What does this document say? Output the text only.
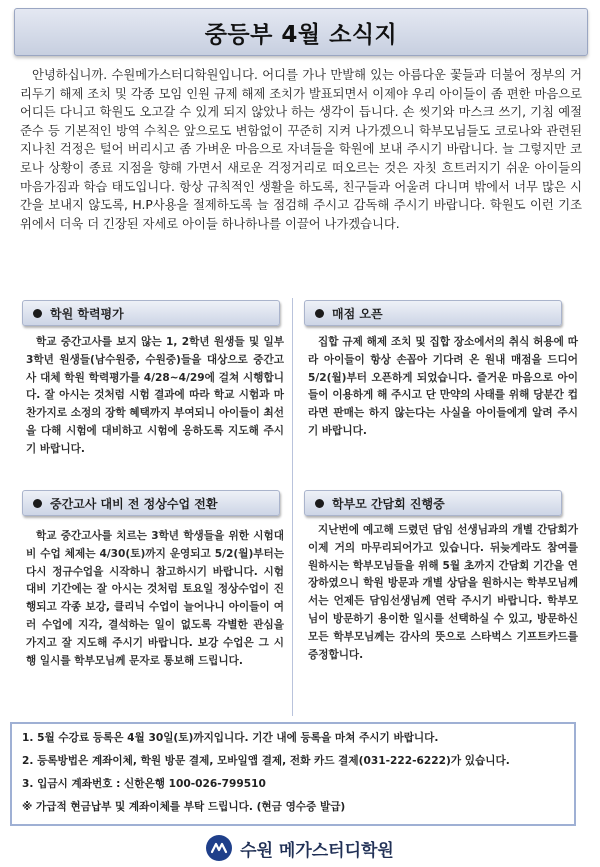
중등부 4월 소식지
안녕하십니까. 수원메가스터디학원입니다. 어디를 가나 만발해 있는 아름다운 꽃들과 더불어 정부의 거리두기 해제 조치 및 각종 모임 인원 규제 해제 조치가 발표되면서 이제야 우리 아이들이 좀 편한 마음으로 어디든 다니고 학원도 오고갈 수 있게 되지 않았나 하는 생각이 듭니다. 손 씻기와 마스크 쓰기, 기침 예절 준수 등 기본적인 방역 수칙은 앞으로도 변함없이 꾸준히 지켜 나가겠으니 학부모님들도 코로나와 관련된 지나친 걱정은 털어 버리시고 좀 가벼운 마음으로 자녀들을 학원에 보내 주시기 바랍니다. 늘 그렇지만 코로나 상황이 종료 지점을 향해 가면서 새로운 걱정거리로 떠오르는 것은 자칫 흐트러지기 쉬운 아이들의 마음가짐과 학습 태도입니다. 항상 규칙적인 생활을 하도록, 친구들과 어울려 다니며 밖에서 너무 많은 시간을 보내지 않도록, H.P사용을 절제하도록 늘 점검해 주시고 감독해 주시기 바랍니다. 학원도 이런 기조 위에서 더욱 더 긴장된 자세로 아이들 하나하나를 이끌어 나가겠습니다.
학원 학력평가
학교 중간고사를 보지 않는 1, 2학년 원생들 및 일부 3학년 원생들(남수원중, 수원중)들을 대상으로 중간고사 대체 학원 학력평가를 4/28~4/29에 걸쳐 시행합니다. 잘 아시는 것처럼 시험 결과에 따라 학교 시험과 마찬가지로 소정의 장학 혜택까지 부여되니 아이들이 최선을 다해 시험에 대비하고 시험에 응하도록 지도해 주시기 바랍니다.
매점 오픈
집합 규제 해제 조치 및 집합 장소에서의 취식 허용에 따라 아이들이 항상 손꼽아 기다려 온 원내 매점을 드디어 5/2(월)부터 오픈하게 되었습니다. 즐거운 마음으로 아이들이 이용하게 해 주시고 단 만약의 사태를 위해 당분간 컵라면 판매는 하지 않는다는 사실을 아이들에게 알려 주시기 바랍니다.
중간고사 대비 전 정상수업 전환
학교 중간고사를 치르는 3학년 학생들을 위한 시험대비 수업 체제는 4/30(토)까지 운영되고 5/2(월)부터는 다시 정규수업을 시작하니 참고하시기 바랍니다. 시험 대비 기간에는 잘 아시는 것처럼 토요일 정상수업이 진행되고 각종 보강, 클리닉 수업이 늘어나니 아이들이 여러 수업에 지각, 결석하는 일이 없도록 각별한 관심을 가지고 잘 지도해 주시기 바랍니다. 보강 수업은 그 시행 일시를 학부모님께 문자로 통보해 드립니다.
학부모 간담회 진행중
지난번에 예고해 드렸던 담임 선생님과의 개별 간담회가 이제 거의 마무리되어가고 있습니다. 뒤늦게라도 참여를 원하시는 학부모님들을 위해 5월 초까지 간담회 기간을 연장하였으니 학원 방문과 개별 상담을 원하시는 학부모님께서는 언제든 담임선생님께 연락 주시기 바랍니다. 학부모님이 방문하기 용이한 일시를 선택하실 수 있고, 방문하신 모든 학부모님께는 감사의 뜻으로 스타벅스 기프트카드를 증정합니다.
1. 5월 수강료 등록은 4월 30일(토)까지입니다. 기간 내에 등록을 마쳐 주시기 바랍니다.
2. 등록방법은 계좌이체, 학원 방문 결제, 모바일앱 결제, 전화 카드 결제(031-222-6222)가 있습니다.
3. 입금시 계좌번호 : 신한은행 100-026-799510
※ 가급적 현금납부 및 계좌이체를 부탁 드립니다. (현금 영수증 발급)
수원 메가스터디학원
